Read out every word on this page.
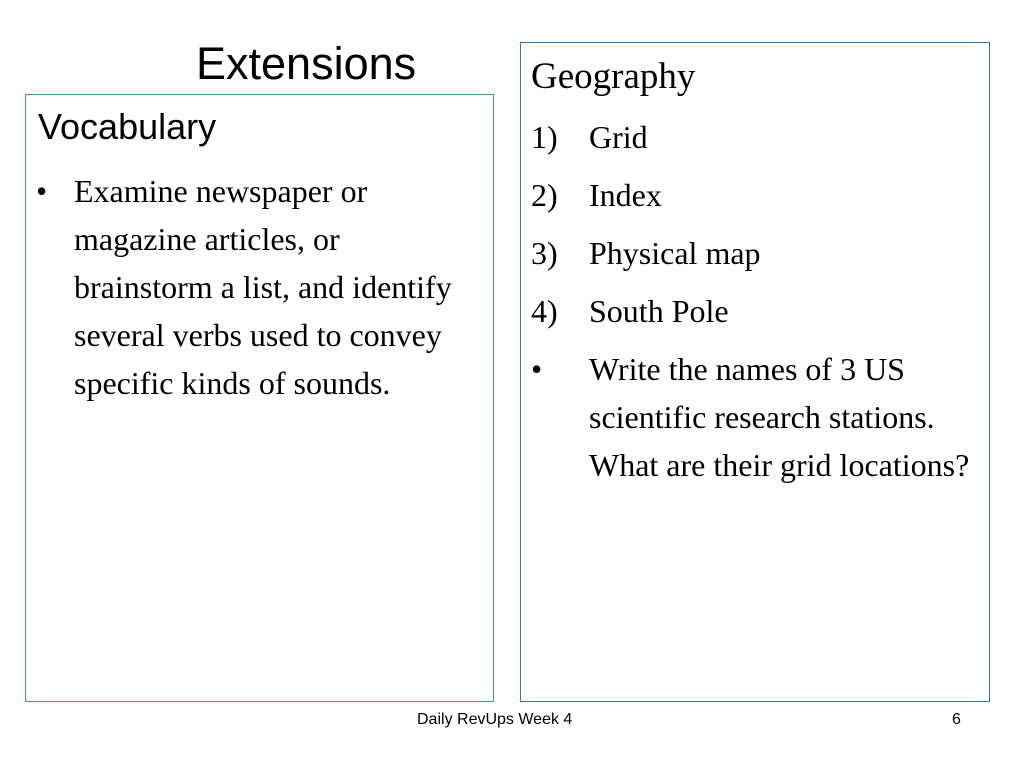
Extensions
Vocabulary
• Examine newspaper or magazine articles, or brainstorm a list, and identify several verbs used to convey specific kinds of sounds.
Geography
1) Grid
2) Index
3) Physical map
4) South Pole
•	Write the names of 3 US scientific research stations. What are their grid locations?
Daily RevUps Week 4	6
